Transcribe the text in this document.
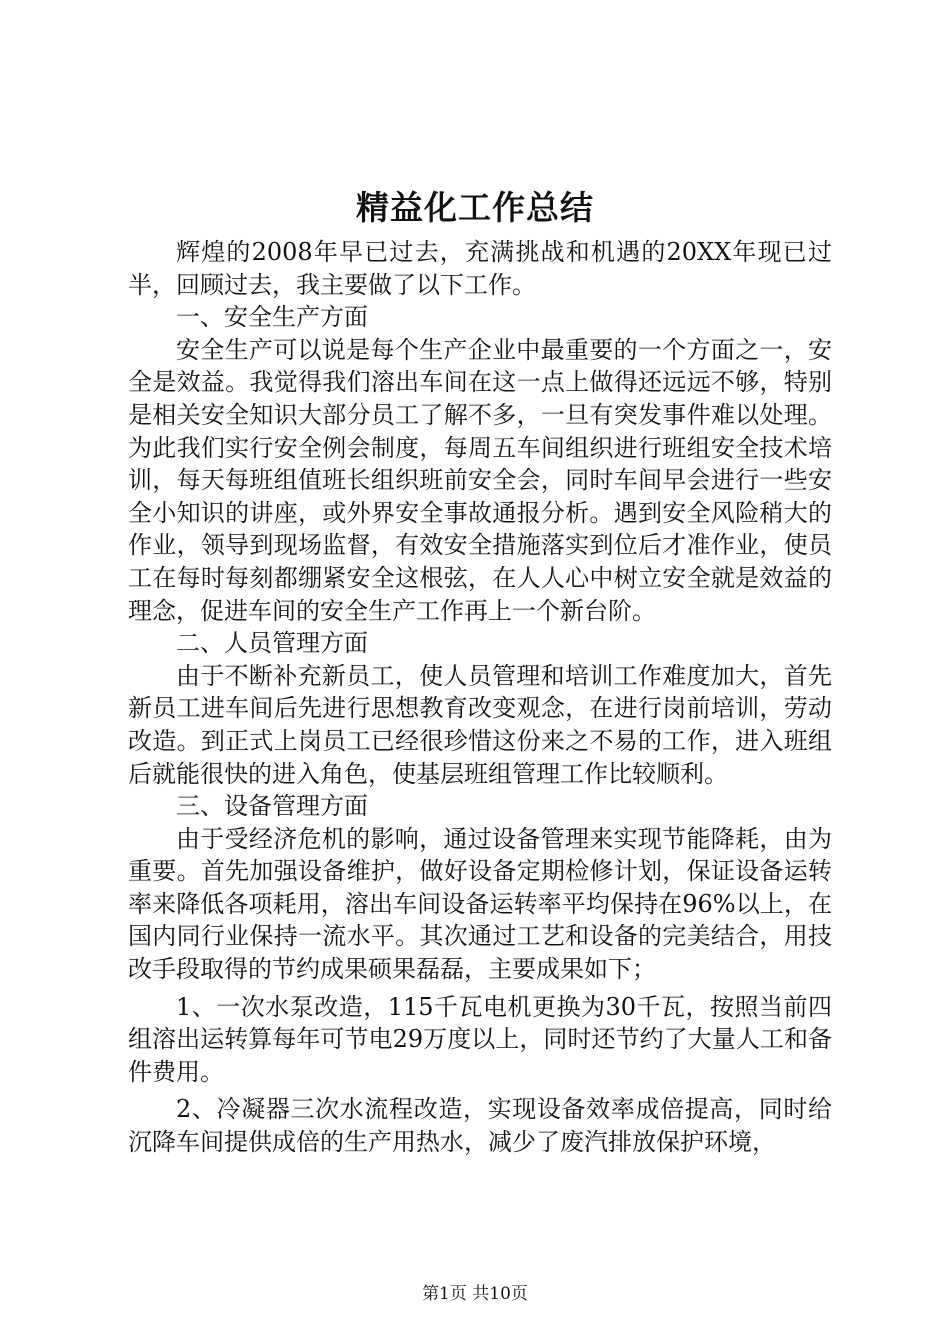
精益化工作总结

辉煌的2008年早已过去，充满挑战和机遇的20XX年现已过半，回顾过去，我主要做了以下工作。

一、安全生产方面

安全生产可以说是每个生产企业中最重要的一个方面之一，安全是效益。我觉得我们溶出车间在这一点上做得还远远不够，特别是相关安全知识大部分员工了解不多，一旦有突发事件难以处理。为此我们实行安全例会制度，每周五车间组织进行班组安全技术培训，每天每班组值班长组织班前安全会，同时车间早会进行一些安全小知识的讲座，或外界安全事故通报分析。遇到安全风险稍大的作业，领导到现场监督，有效安全措施落实到位后才准作业，使员工在每时每刻都绷紧安全这根弦，在人人心中树立安全就是效益的理念，促进车间的安全生产工作再上一个新台阶。

二、人员管理方面

由于不断补充新员工，使人员管理和培训工作难度加大，首先新员工进车间后先进行思想教育改变观念，在进行岗前培训，劳动改造。到正式上岗员工已经很珍惜这份来之不易的工作，进入班组后就能很快的进入角色，使基层班组管理工作比较顺利。

三、设备管理方面

由于受经济危机的影响，通过设备管理来实现节能降耗，由为重要。首先加强设备维护，做好设备定期检修计划，保证设备运转率来降低各项耗用，溶出车间设备运转率平均保持在96%以上，在国内同行业保持一流水平。其次通过工艺和设备的完美结合，用技改手段取得的节约成果硕果磊磊，主要成果如下；

1、一次水泵改造，115千瓦电机更换为30千瓦，按照当前四组溶出运转算每年可节电29万度以上，同时还节约了大量人工和备件费用。

2、冷凝器三次水流程改造，实现设备效率成倍提高，同时给沉降车间提供成倍的生产用热水，减少了废汽排放保护环境，

第1页 共10页
